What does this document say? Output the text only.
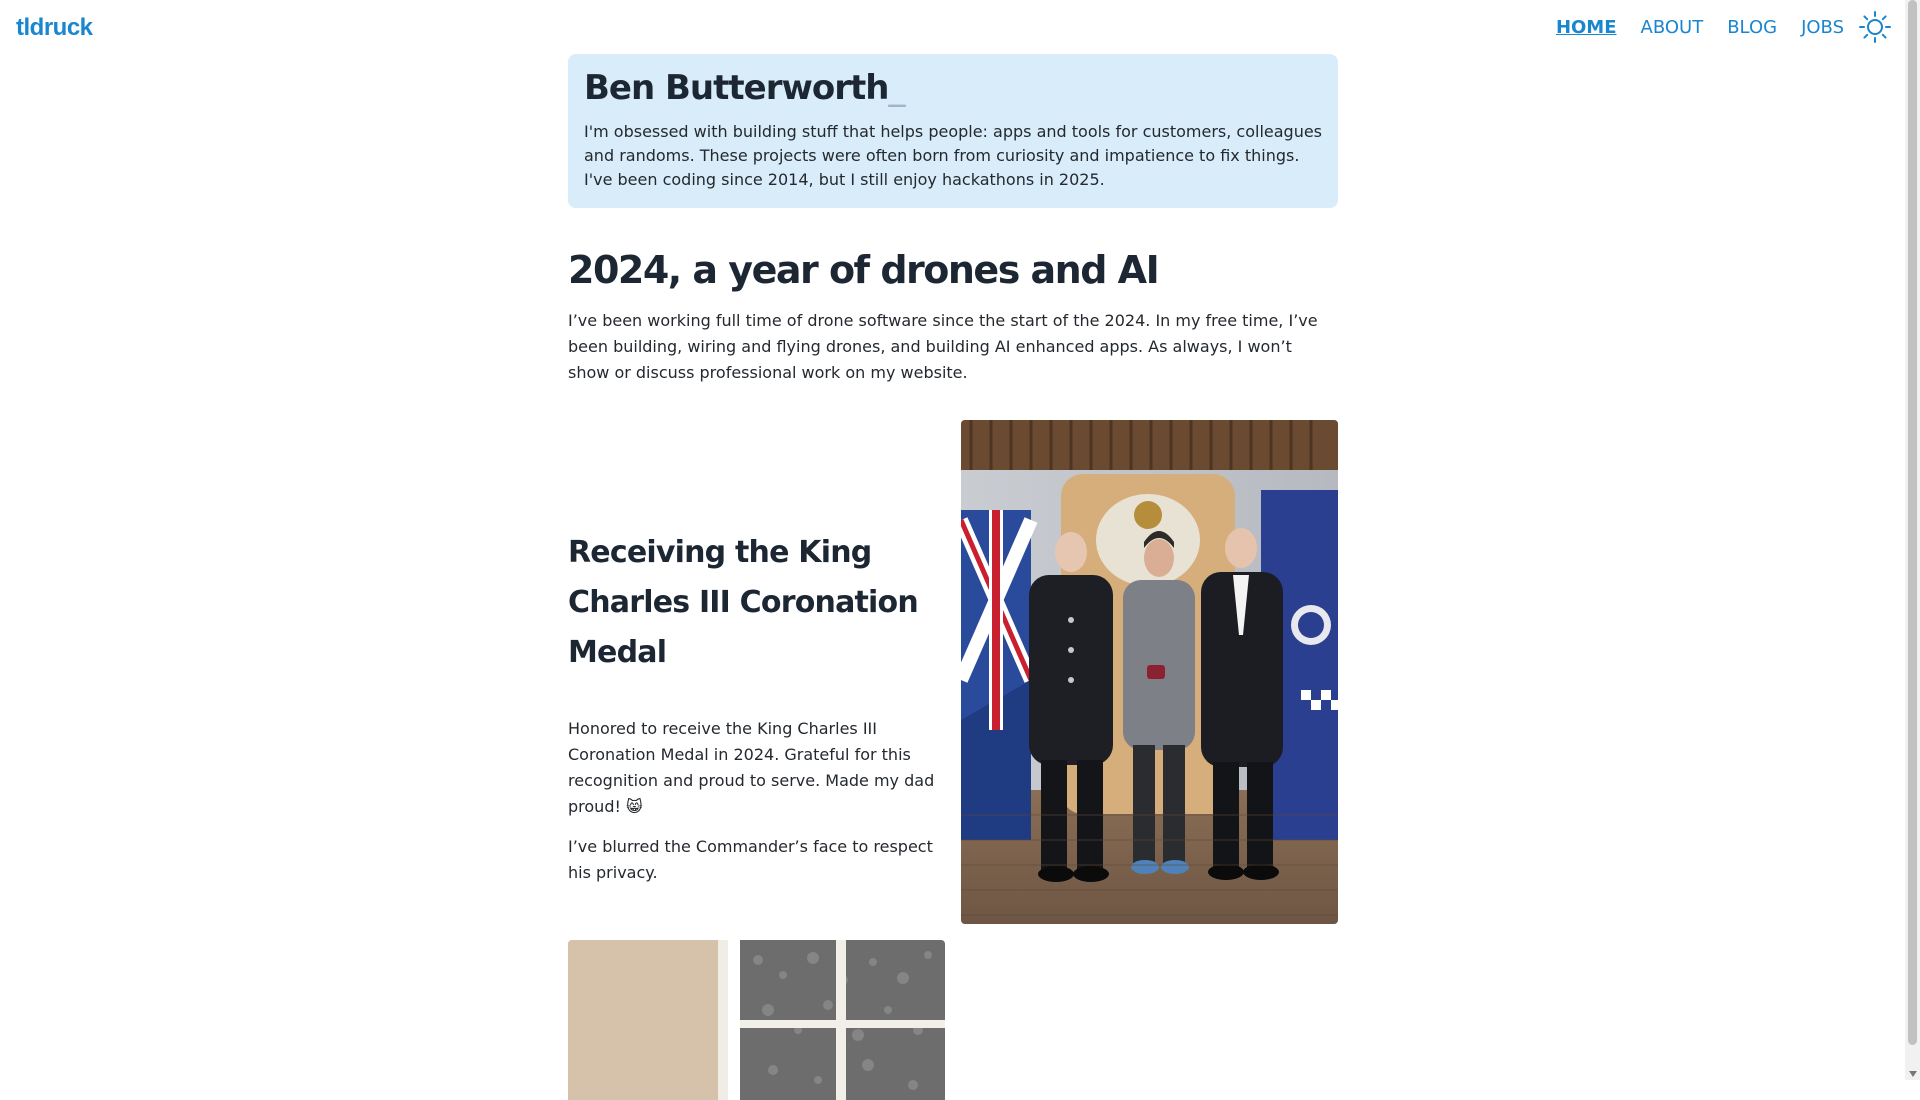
tldruck	HOME ABOUT BLOG JOBS
Ben Butterworth_

I'm obsessed with building stuff that helps people: apps and tools for customers, colleagues and randoms. These projects were often born from curiosity and impatience to fix things. I've been coding since 2014, but I still enjoy hackathons in 2025.

2024, a year of drones and AI

I’ve been working full time of drone software since the start of the 2024. In my free time, I’ve been building, wiring and flying drones, and building AI enhanced apps. As always, I won’t show or discuss professional work on my website.

Receiving the King Charles III Coronation Medal

Honored to receive the King Charles III Coronation Medal in 2024. Grateful for this recognition and proud to serve. Made my dad proud! 😸

I’ve blurred the Commander’s face to respect his privacy.
